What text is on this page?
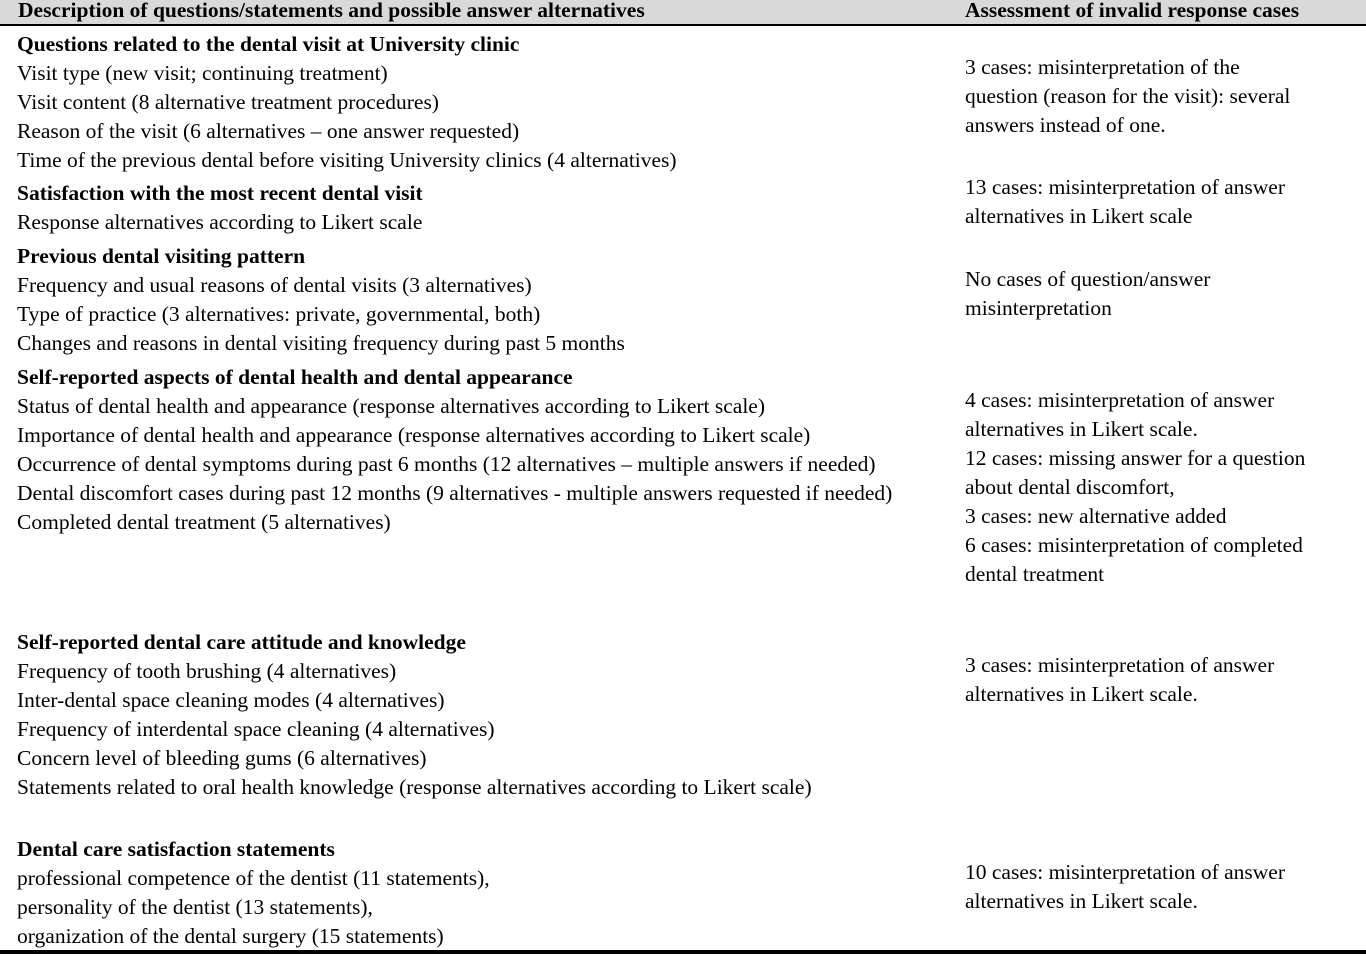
Description of questions/statements and possible answer alternatives	Assessment of invalid response cases
Questions related to the dental visit at University clinic
Visit type (new visit; continuing treatment)
Visit content (8 alternative treatment procedures)
Reason of the visit (6 alternatives – one answer requested)
Time of the previous dental before visiting University clinics (4 alternatives)
3 cases: misinterpretation of the
question (reason for the visit): several
answers instead of one.
Satisfaction with the most recent dental visit
Response alternatives according to Likert scale
13 cases: misinterpretation of answer
alternatives in Likert scale
Previous dental visiting pattern
Frequency and usual reasons of dental visits (3 alternatives)
Type of practice (3 alternatives: private, governmental, both)
Changes and reasons in dental visiting frequency during past 5 months
No cases of question/answer
misinterpretation
Self-reported aspects of dental health and dental appearance
Status of dental health and appearance (response alternatives according to Likert scale)
Importance of dental health and appearance (response alternatives according to Likert scale)
Occurrence of dental symptoms during past 6 months (12 alternatives – multiple answers if needed)
Dental discomfort cases during past 12 months (9 alternatives - multiple answers requested if needed)
Completed dental treatment (5 alternatives)
4 cases: misinterpretation of answer
alternatives in Likert scale.
12 cases: missing answer for a question
about dental discomfort,
3 cases: new alternative added
6 cases: misinterpretation of completed
dental treatment
Self-reported dental care attitude and knowledge
Frequency of tooth brushing (4 alternatives)
Inter-dental space cleaning modes (4 alternatives)
Frequency of interdental space cleaning (4 alternatives)
Concern level of bleeding gums (6 alternatives)
Statements related to oral health knowledge (response alternatives according to Likert scale)
3 cases: misinterpretation of answer
alternatives in Likert scale.
Dental care satisfaction statements
professional competence of the dentist (11 statements),
personality of the dentist (13 statements),
organization of the dental surgery (15 statements)
10 cases: misinterpretation of answer
alternatives in Likert scale.
